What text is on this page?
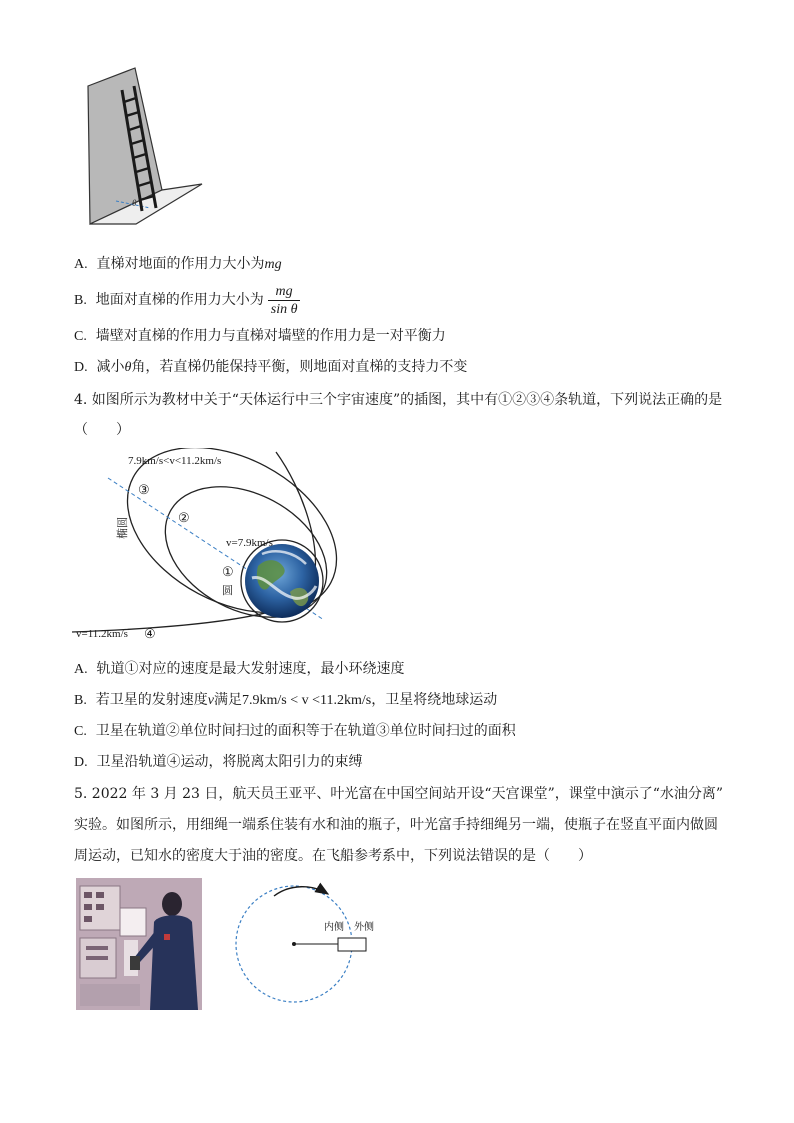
θ
A. 直梯对地面的作用力大小为mg
B. 地面对直梯的作用力大小为 $\frac{mg}{\text{sin θ}}$
C. 墙壁对直梯的作用力与直梯对墙壁的作用力是一对平衡力
D. 减小θ角，若直梯仍能保持平衡，则地面对直梯的支持力不变
4. 如图所示为教材中关于“天体运行中三个宇宙速度”的插图，其中有①②③④条轨道，下列说法正确的是
（　　）
7.9km/s<v<11.2km/s
③
②
v=7.9km/s
①
圆
椭圆
v=11.2km/s ④
A. 轨道①对应的速度是最大发射速度，最小环绕速度
B. 若卫星的发射速度v满足7.9km/s < v <11.2km/s，卫星将绕地球运动
C. 卫星在轨道②单位时间扫过的面积等于在轨道③单位时间扫过的面积
D. 卫星沿轨道④运动，将脱离太阳引力的束缚
5. 2022 年 3 月 23 日，航天员王亚平、叶光富在中国空间站开设“天宫课堂”，课堂中演示了“水油分离”
实验。如图所示，用细绳一端系住装有水和油的瓶子，叶光富手持细绳另一端，使瓶子在竖直平面内做圆
周运动，已知水的密度大于油的密度。在飞船参考系中，下列说法错误的是（　　）
内侧 外侧
